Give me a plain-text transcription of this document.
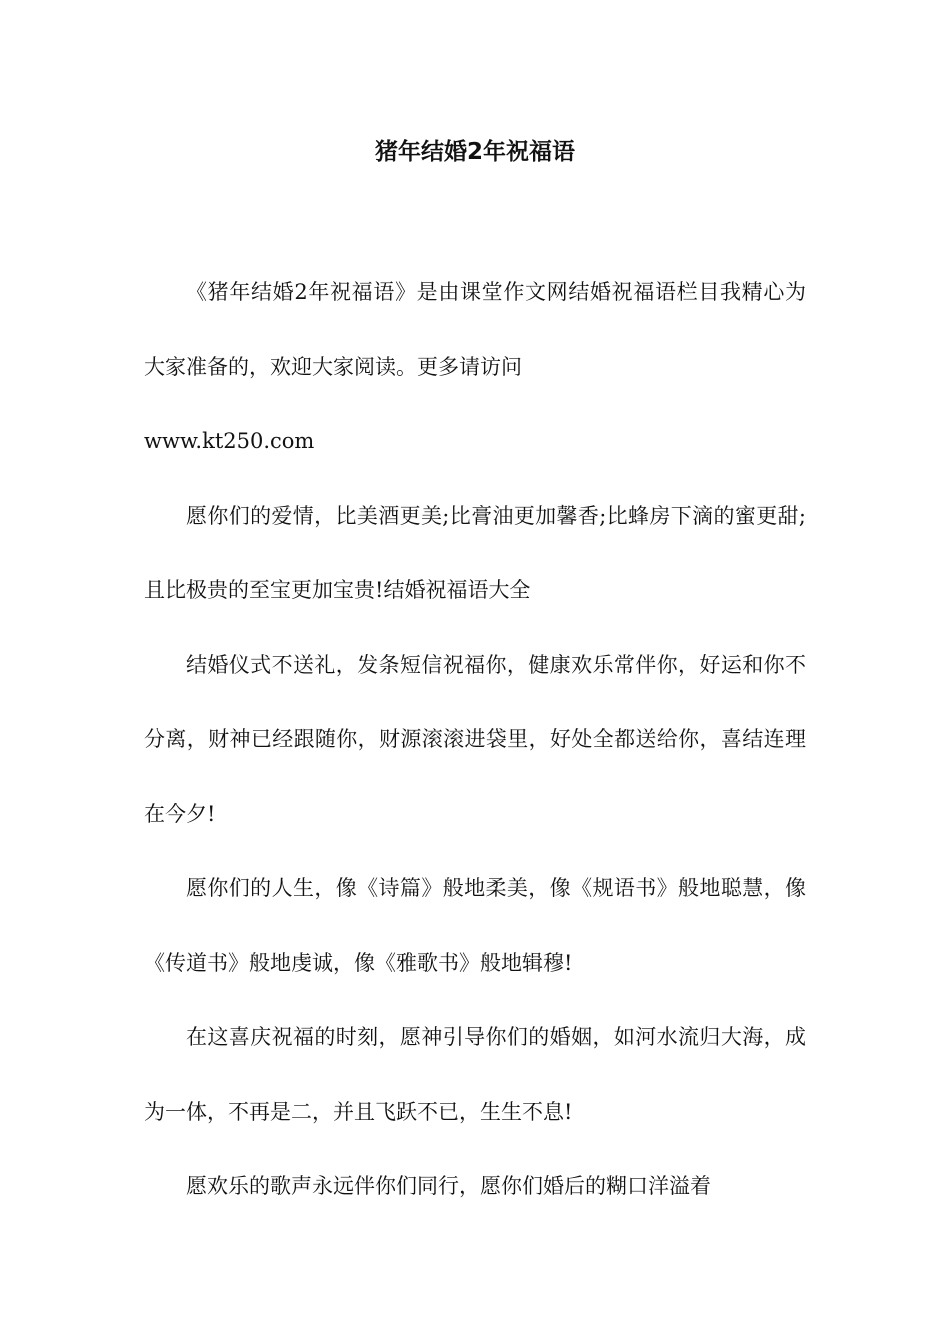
猪年结婚2年祝福语

《猪年结婚2年祝福语》是由课堂作文网结婚祝福语栏目我精心为大家准备的，欢迎大家阅读。更多请访问
www.kt250.com

愿你们的爱情，比美酒更美;比膏油更加馨香;比蜂房下滴的蜜更甜;且比极贵的至宝更加宝贵!结婚祝福语大全

结婚仪式不送礼，发条短信祝福你，健康欢乐常伴你，好运和你不分离，财神已经跟随你，财源滚滚进袋里，好处全都送给你，喜结连理在今夕!

愿你们的人生，像《诗篇》般地柔美，像《规语书》般地聪慧，像《传道书》般地虔诚，像《雅歌书》般地辑穆!

在这喜庆祝福的时刻，愿神引导你们的婚姻，如河水流归大海，成为一体，不再是二，并且飞跃不已，生生不息!

愿欢乐的歌声永远伴你们同行，愿你们婚后的糊口洋溢着
